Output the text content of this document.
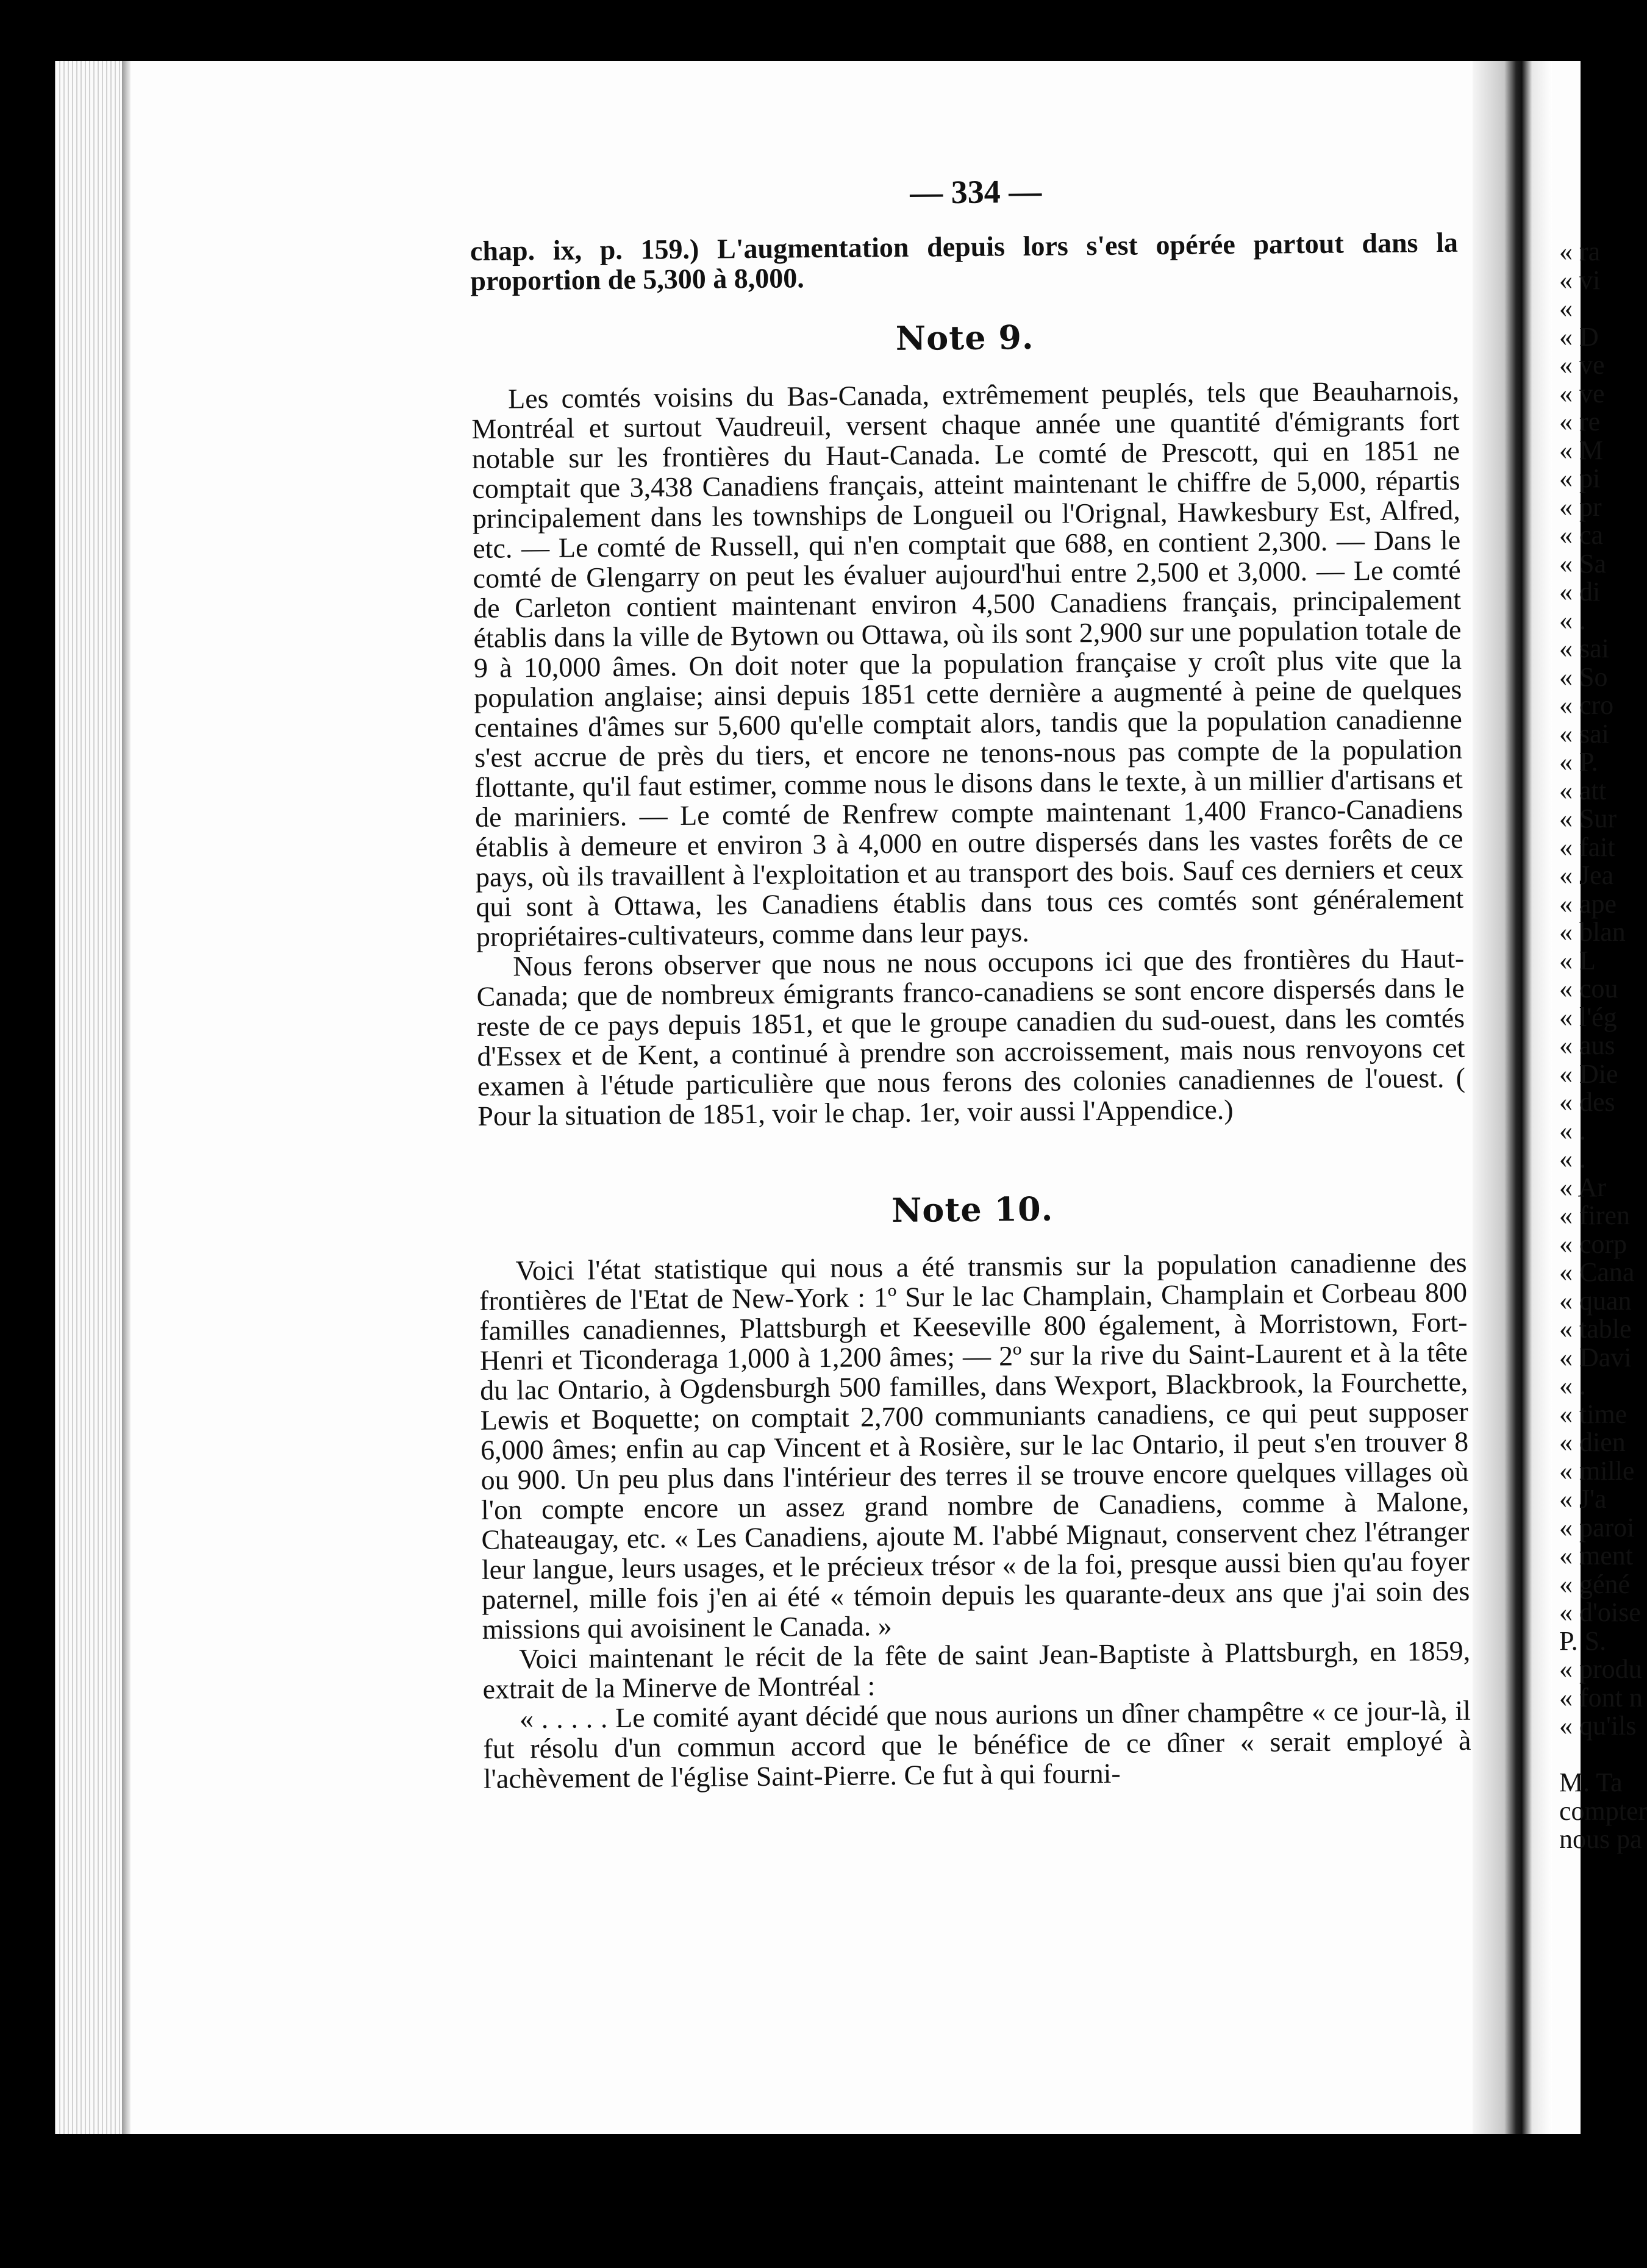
« ra
« vi
«
« D
« ve
« ve
« re
« M
« pi
« pr
« ca
« Sa
« di
« .
« sai
« So
« cro
« sai
« P.
« att
« Sur
« fait
« Jea
« ape
« blan
« L
« cou
« l'ég
« aus
« Die
« des
« .
« .
« Ar
« firen
« corp
« Cana
« quan
« table
« Davi
« .
« time
« dien
« mille
« J'a
« paroi
« ment
« géné
« d'oise
P. S.
« produ
« font n
« qu'ils

M. Ta
compter
nous pa
— 334 —

chap. ix, p. 159.) L'augmentation depuis lors s'est opérée partout dans la proportion de 5,300 à 8,000.

Note 9.

Les comtés voisins du Bas-Canada, extrêmement peuplés, tels que Beauharnois, Montréal et surtout Vaudreuil, versent chaque année une quantité d'émigrants fort notable sur les frontières du Haut-Canada. Le comté de Prescott, qui en 1851 ne comptait que 3,438 Canadiens français, atteint maintenant le chiffre de 5,000, répartis principalement dans les townships de Longueil ou l'Orignal, Hawkesbury Est, Alfred, etc. — Le comté de Russell, qui n'en comptait que 688, en contient 2,300. — Dans le comté de Glengarry on peut les évaluer aujourd'hui entre 2,500 et 3,000. — Le comté de Carleton contient maintenant environ 4,500 Canadiens français, principalement établis dans la ville de Bytown ou Ottawa, où ils sont 2,900 sur une population totale de 9 à 10,000 âmes. On doit noter que la population française y croît plus vite que la population anglaise; ainsi depuis 1851 cette dernière a augmenté à peine de quelques centaines d'âmes sur 5,600 qu'elle comptait alors, tandis que la population canadienne s'est accrue de près du tiers, et encore ne tenons-nous pas compte de la population flottante, qu'il faut estimer, comme nous le disons dans le texte, à un millier d'artisans et de mariniers. — Le comté de Renfrew compte maintenant 1,400 Franco-Canadiens établis à demeure et environ 3 à 4,000 en outre dispersés dans les vastes forêts de ce pays, où ils travaillent à l'exploitation et au transport des bois. Sauf ces derniers et ceux qui sont à Ottawa, les Canadiens établis dans tous ces comtés sont généralement propriétaires-cultivateurs, comme dans leur pays.

Nous ferons observer que nous ne nous occupons ici que des frontières du Haut-Canada; que de nombreux émigrants franco-canadiens se sont encore dispersés dans le reste de ce pays depuis 1851, et que le groupe canadien du sud-ouest, dans les comtés d'Essex et de Kent, a continué à prendre son accroissement, mais nous renvoyons cet examen à l'étude particulière que nous ferons des colonies canadiennes de l'ouest. ( Pour la situation de 1851, voir le chap. 1er, voir aussi l'Appendice.)

Note 10.

Voici l'état statistique qui nous a été transmis sur la population canadienne des frontières de l'Etat de New-York : 1º Sur le lac Champlain, Champlain et Corbeau 800 familles canadiennes, Plattsburgh et Keeseville 800 également, à Morristown, Fort-Henri et Ticonderaga 1,000 à 1,200 âmes; — 2º sur la rive du Saint-Laurent et à la tête du lac Ontario, à Ogdensburgh 500 familles, dans Wexport, Blackbrook, la Fourchette, Lewis et Boquette; on comptait 2,700 communiants canadiens, ce qui peut supposer 6,000 âmes; enfin au cap Vincent et à Rosière, sur le lac Ontario, il peut s'en trouver 8 ou 900. Un peu plus dans l'intérieur des terres il se trouve encore quelques villages où l'on compte encore un assez grand nombre de Canadiens, comme à Malone, Chateaugay, etc. « Les Canadiens, ajoute M. l'abbé Mignaut, conservent chez l'étranger leur langue, leurs usages, et le précieux trésor « de la foi, presque aussi bien qu'au foyer paternel, mille fois j'en ai été « témoin depuis les quarante-deux ans que j'ai soin des missions qui avoisinent le Canada. »

Voici maintenant le récit de la fête de saint Jean-Baptiste à Plattsburgh, en 1859, extrait de la Minerve de Montréal :

« . . . . . Le comité ayant décidé que nous aurions un dîner champêtre « ce jour-là, il fut résolu d'un commun accord que le bénéfice de ce dîner « serait employé à l'achèvement de l'église Saint-Pierre. Ce fut à qui fourni-
